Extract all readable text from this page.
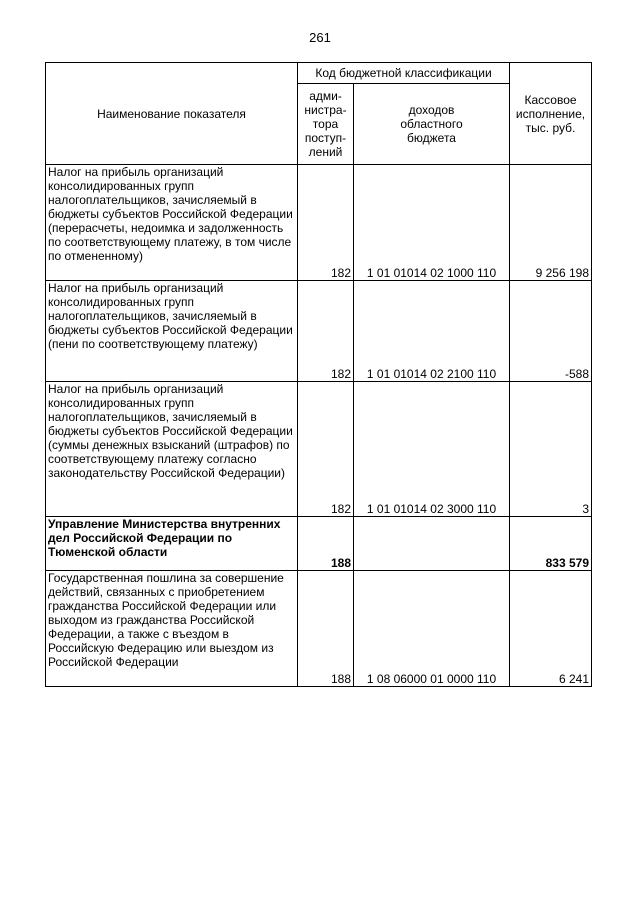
261
Наименование показателя	Код бюджетной классификации		Кассовое
исполнение,
тыс. руб.
	адми-
нистра-
тора
поступ-
лений	доходов
областного
бюджета	
Налог на прибыль организаций консолидированных групп налогоплательщиков, зачисляемый в бюджеты субъектов Российской Федерации (перерасчеты, недоимка и задолженность по соответствующему платежу, в том числе по отмененному)	182	1 01 01014 02 1000 110	9 256 198
Налог на прибыль организаций консолидированных групп налогоплательщиков, зачисляемый в бюджеты субъектов Российской Федерации (пени по соответствующему платежу)	182	1 01 01014 02 2100 110	-588
Налог на прибыль организаций консолидированных групп налогоплательщиков, зачисляемый в бюджеты субъектов Российской Федерации (суммы денежных взысканий (штрафов) по соответствующему платежу согласно законодательству Российской Федерации)	182	1 01 01014 02 3000 110	3
Управление Министерства внутренних дел Российской Федерации по Тюменской области	188		833 579
Государственная пошлина за совершение действий, связанных с приобретением гражданства Российской Федерации или выходом из гражданства Российской Федерации, а также с въездом в Российскую Федерацию или выездом из Российской Федерации	188	1 08 06000 01 0000 110	6 241
